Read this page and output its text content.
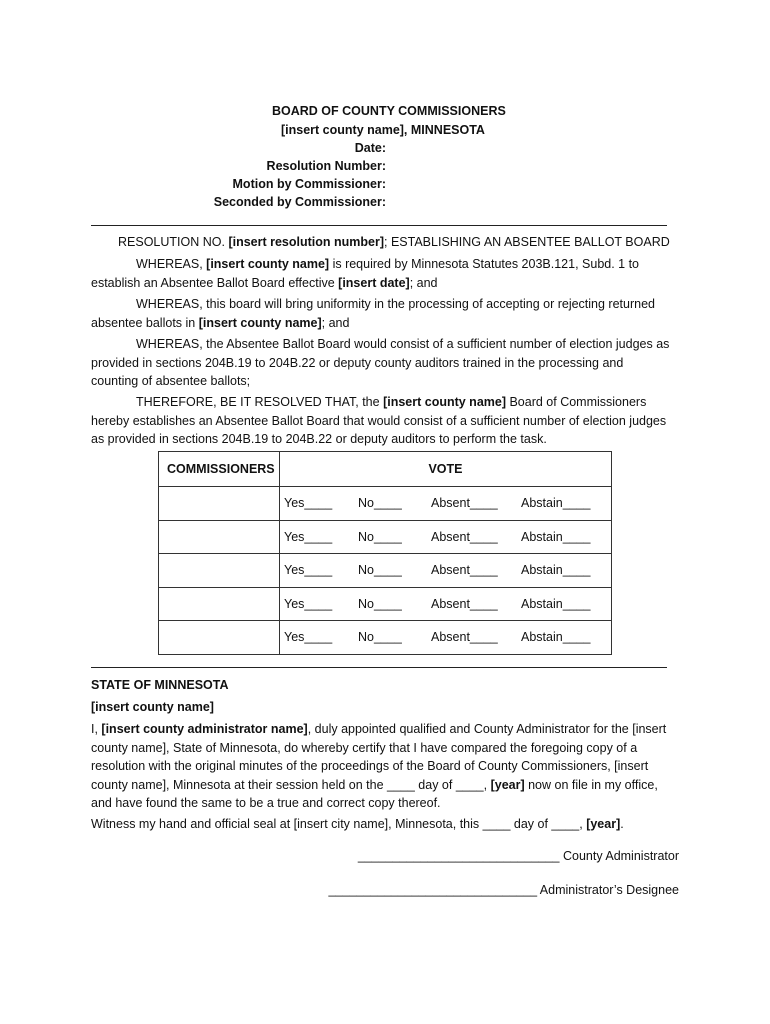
BOARD OF COUNTY COMMISSIONERS
[insert county name], MINNESOTA
Date:
Resolution Number:
Motion by Commissioner:
Seconded by Commissioner:
RESOLUTION NO. [insert resolution number]; ESTABLISHING AN ABSENTEE BALLOT BOARD
WHEREAS, [insert county name] is required by Minnesota Statutes 203B.121, Subd. 1 to establish an Absentee Ballot Board effective [insert date]; and
WHEREAS, this board will bring uniformity in the processing of accepting or rejecting returned absentee ballots in [insert county name]; and
WHEREAS, the Absentee Ballot Board would consist of a sufficient number of election judges as provided in sections 204B.19 to 204B.22 or deputy county auditors trained in the processing and counting of absentee ballots;
THEREFORE, BE IT RESOLVED THAT, the [insert county name] Board of Commissioners hereby establishes an Absentee Ballot Board that would consist of a sufficient number of election judges as provided in sections 204B.19 to 204B.22 or deputy auditors to perform the task.
COMMISSIONERS	VOTE

	Yes____ No____ Absent____ Abstain____

	Yes____ No____ Absent____ Abstain____

	Yes____ No____ Absent____ Abstain____

	Yes____ No____ Absent____ Abstain____

	Yes____ No____ Absent____ Abstain____
STATE OF MINNESOTA
[insert county name]
I, [insert county administrator name], duly appointed qualified and County Administrator for the [insert county name], State of Minnesota, do whereby certify that I have compared the foregoing copy of a resolution with the original minutes of the proceedings of the Board of County Commissioners, [insert county name], Minnesota at their session held on the ____ day of ____, [year] now on file in my office, and have found the same to be a true and correct copy thereof.
Witness my hand and official seal at [insert city name], Minnesota, this ____ day of ____, [year].
_____________________________ County Administrator
______________________________ Administrator’s Designee
